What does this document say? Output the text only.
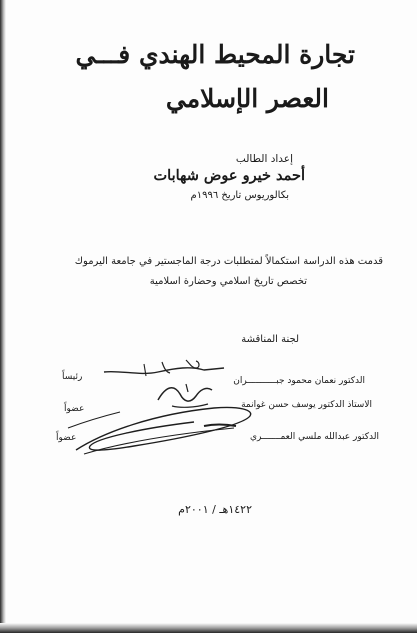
تجارة المحيط الهندي فـــي
العصر الإسلامي
إعداد الطالب
أحمد خيرو عوض شهابات
بكالوريوس تاريخ ١٩٩٦م
قدمت هذه الدراسة استكمالاً لمتطلبات درجة الماجستير في جامعة اليرموك
تخصص تاريخ اسلامي وحضارة اسلامية
لجنة المناقشة
الدكتور نعمان محمود جبـــــــــــران
رئيساً
الاستاذ الدكتور يوسف حسن غوانمة
عضواً
الدكتور عبدالله ملسي العمـــــــري
عضواً
١٤٢٢هـ / ٢٠٠١م
